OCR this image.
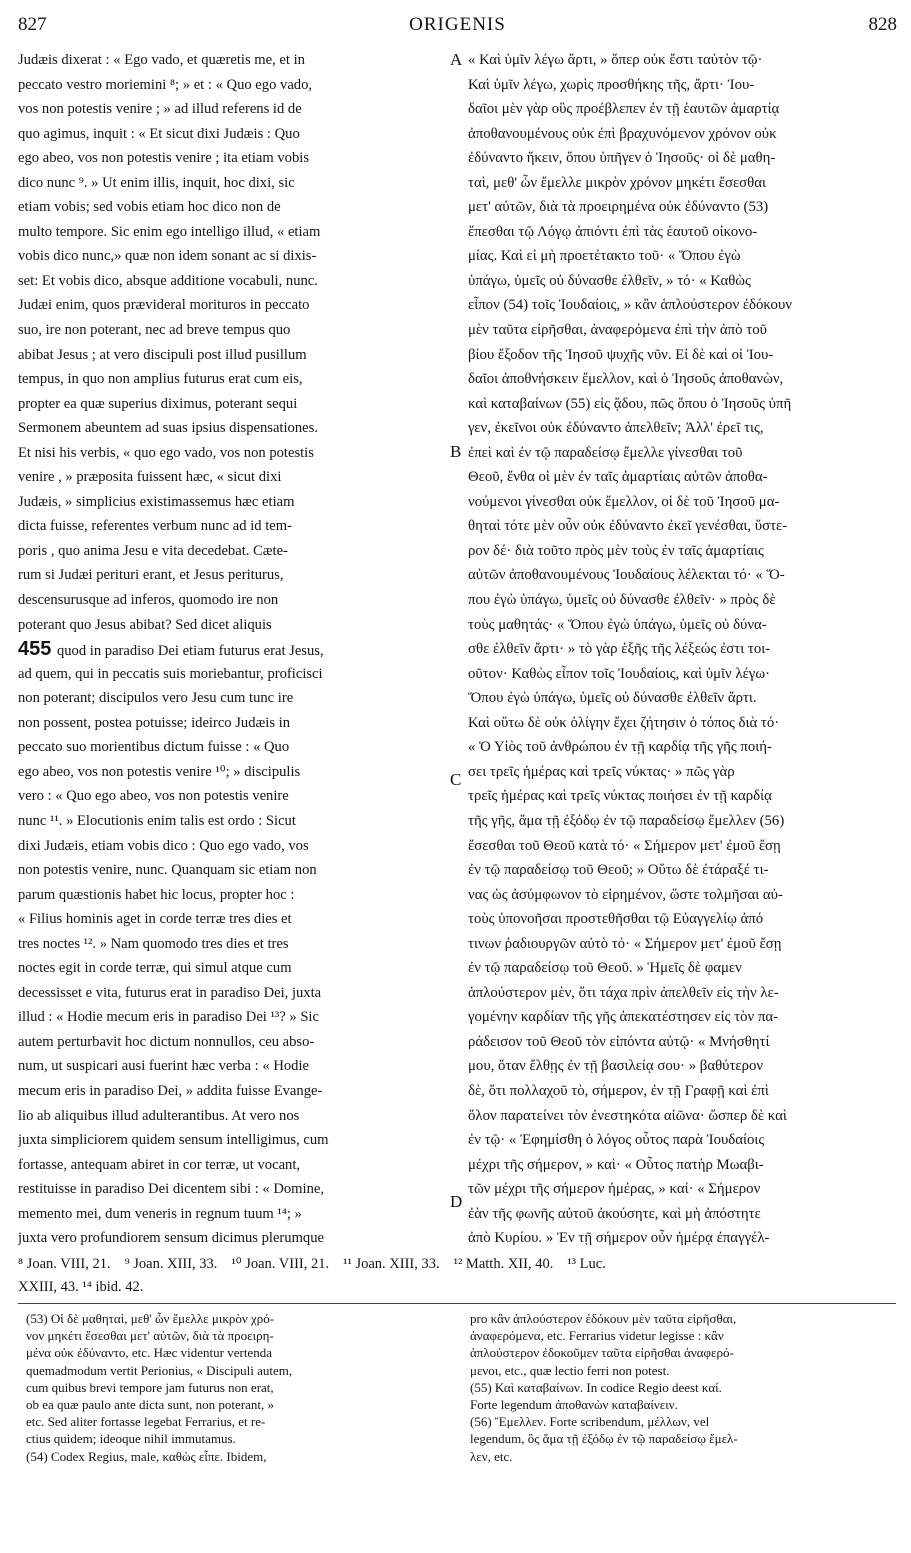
827	ORIGENIS	828
Judæis dixerat : « Ego vado, et quæretis me, et in
peccato vestro moriemini ⁸; » et : « Quo ego vado,
vos non potestis venire ; » ad illud referens id de
quo agimus, inquit : « Et sicut dixi Judæis : Quo
ego abeo, vos non potestis venire ; ita etiam vobis
dico nunc ⁹. » Ut enim illis, inquit, hoc dixi, sic
etiam vobis; sed vobis etiam hoc dico non de
multo tempore. Sic enim ego intelligo illud, « etiam
vobis dico nunc,» quæ non idem sonant ac si dixis-
set: Et vobis dico, absque additione vocabuli, nunc.
Judæi enim, quos prævideral morituros in peccato
suo, ire non poterant, nec ad breve tempus quo
abibat Jesus ; at vero discipuli post illud pusillum
tempus, in quo non amplius futurus erat cum eis,
propter ea quæ superius diximus, poterant sequi
Sermonem abeuntem ad suas ipsius dispensationes.
Et nisi his verbis, « quo ego vado, vos non potestis
venire , » præposita fuissent hæc, « sicut dixi
Judæis, » simplicius existimassemus hæc etiam
dicta fuisse, referentes verbum nunc ad id tem-
poris , quo anima Jesu e vita decedebat. Cæte-
rum si Judæi perituri erant, et Jesus periturus,
descensurusque ad inferos, quomodo ire non
poterant quo Jesus abibat? Sed dicet aliquis
455 quod in paradiso Dei etiam futurus erat Jesus,
ad quem, qui in peccatis suis moriebantur, proficisci
non poterant; discipulos vero Jesu cum tunc ire
non possent, postea potuisse; ideirco Judæis in
peccato suo morientibus dictum fuisse : « Quo
ego abeo, vos non potestis venire ¹⁰; » discipulis
vero : « Quo ego abeo, vos non potestis venire
nunc ¹¹. » Elocutionis enim talis est ordo : Sicut
dixi Judæis, etiam vobis dico : Quo ego vado, vos
non potestis venire, nunc. Quanquam sic etiam non
parum quæstionis habet hic locus, propter hoc :
« Filius hominis aget in corde terræ tres dies et
tres noctes ¹². » Nam quomodo tres dies et tres
noctes egit in corde terræ, qui simul atque cum
decessisset e vita, futurus erat in paradiso Dei, juxta
illud : « Hodie mecum eris in paradiso Dei ¹³? » Sic
autem perturbavit hoc dictum nonnullos, ceu abso-
num, ut suspicari ausi fuerint hæc verba : « Hodie
mecum eris in paradiso Dei, » addita fuisse Evange-
lio ab aliquibus illud adulterantibus. At vero nos
juxta simpliciorem quidem sensum intelligimus, cum
fortasse, antequam abiret in cor terræ, ut vocant,
restituisse in paradiso Dei dicentem sibi : « Domine,
memento mei, dum veneris in regnum tuum ¹⁴; »
juxta vero profundiorem sensum dicimus plerumque
« Καὶ ὑμῖν λέγω ἄρτι, » ὅπερ οὐκ ἔστι ταὐτὸν τῷ·
Καὶ ὑμῖν λέγω, χωρὶς προσθήκης τῆς, ἄρτι· Ἰου-
δαῖοι μὲν γὰρ οὓς προέβλεπεν ἐν τῇ ἑαυτῶν ἁμαρτίᾳ
ἀποθανουμένους οὐκ ἐπὶ βραχυνόμενον χρόνον οὐκ
ἐδύναντο ἥκειν, ὅπου ὑπῆγεν ὁ Ἰησοῦς· οἱ δὲ μαθη-
ταὶ, μεθ' ὧν ἔμελλε μικρὸν χρόνον μηκέτι ἔσεσθαι
μετ' αὐτῶν, διὰ τὰ προειρημένα οὐκ ἐδύναντο (53)
ἕπεσθαι τῷ Λόγῳ ἀπιόντι ἐπὶ τὰς ἑαυτοῦ οἰκονο-
μίας. Καὶ εἰ μὴ προετέτακτο τοῦ· « Ὅπου ἐγὼ
ὑπάγω, ὑμεῖς οὐ δύνασθε ἐλθεῖν, » τό· « Καθὼς
εἶπον (54) τοῖς Ἰουδαίοις, » κἂν ἁπλούστερον ἐδόκουν
μὲν ταῦτα εἰρῆσθαι, ἀναφερόμενα ἐπὶ τὴν ἀπὸ τοῦ
βίου ἔξοδον τῆς Ἰησοῦ ψυχῆς νῦν. Εἰ δὲ καὶ οἱ Ἰου-
δαῖοι ἀποθνήσκειν ἔμελλον, καὶ ὁ Ἰησοῦς ἀποθανὼν,
καὶ καταβαίνων (55) εἰς ᾅδου, πῶς ὅπου ὁ Ἰησοῦς ὑπῆ
γεν, ἐκεῖνοι οὐκ ἐδύναντο ἀπελθεῖν; Ἀλλ' ἐρεῖ τις,
ἐπεὶ καὶ ἐν τῷ παραδείσῳ ἔμελλε γίνεσθαι τοῦ
Θεοῦ, ἔνθα οἱ μὲν ἐν ταῖς ἁμαρτίαις αὐτῶν ἀποθα-
νούμενοι γίνεσθαι οὐκ ἔμελλον, οἱ δὲ τοῦ Ἰησοῦ μα-
θηταὶ τότε μὲν οὖν οὐκ ἐδύναντο ἐκεῖ γενέσθαι, ὕστε-
ρον δέ· διὰ τοῦτο πρὸς μὲν τοὺς ἐν ταῖς ἁμαρτίαις
αὐτῶν ἀποθανουμένους Ἰουδαίους λέλεκται τό· « Ὅ-
που ἐγὼ ὑπάγω, ὑμεῖς οὐ δύνασθε ἐλθεῖν· » πρὸς δὲ
τοὺς μαθητάς· « Ὅπου ἐγὼ ὑπάγω, ὑμεῖς οὐ δύνα-
σθε ἐλθεῖν ἄρτι· » τὸ γὰρ ἑξῆς τῆς λέξεώς ἐστι τοι-
οῦτον· Καθὼς εἶπον τοῖς Ἰουδαίοις, καὶ ὑμῖν λέγω·
Ὅπου ἐγὼ ὑπάγω, ὑμεῖς οὐ δύνασθε ἐλθεῖν ἄρτι.
Καὶ οὕτω δὲ οὐκ ὀλίγην ἔχει ζήτησιν ὁ τόπος διὰ τό·
« Ὁ Υἱὸς τοῦ ἀνθρώπου ἐν τῇ καρδίᾳ τῆς γῆς ποιή-
σει τρεῖς ἡμέρας καὶ τρεῖς νύκτας· » πῶς γὰρ
τρεῖς ἡμέρας καὶ τρεῖς νύκτας ποιήσει ἐν τῇ καρδίᾳ
τῆς γῆς, ἅμα τῇ ἐξόδῳ ἐν τῷ παραδείσῳ ἔμελλεν (56)
ἔσεσθαι τοῦ Θεοῦ κατὰ τό· « Σήμερον μετ' ἐμοῦ ἔσῃ
ἐν τῷ παραδείσῳ τοῦ Θεοῦ; » Οὕτω δὲ ἐτάραξέ τι-
νας ὡς ἀσύμφωνον τὸ εἰρημένον, ὥστε τολμῆσαι αὐ-
τοὺς ὑπονοῆσαι προστεθῆσθαι τῷ Εὐαγγελίῳ ἀπό
τινων ῥαδιουργῶν αὐτὸ τό· « Σήμερον μετ' ἐμοῦ ἔσῃ
ἐν τῷ παραδείσῳ τοῦ Θεοῦ. » Ἡμεῖς δὲ φαμεν
ἁπλούστερον μὲν, ὅτι τάχα πρὶν ἀπελθεῖν εἰς τὴν λε-
γομένην καρδίαν τῆς γῆς ἀπεκατέστησεν εἰς τὸν πα-
ράδεισον τοῦ Θεοῦ τὸν εἰπόντα αὐτῷ· « Μνήσθητί
μου, ὅταν ἔλθῃς ἐν τῇ βασιλείᾳ σου· » βαθύτερον
δὲ, ὅτι πολλαχοῦ τὸ, σήμερον, ἐν τῇ Γραφῇ καὶ ἐπὶ
ὅλον παρατείνει τὸν ἐνεστηκότα αἰῶνα· ὥσπερ δὲ καὶ
ἐν τῷ· « Ἐφημίσθη ὁ λόγος οὗτος παρὰ Ἰουδαίοις
μέχρι τῆς σήμερον, » καὶ· « Οὗτος πατὴρ Μωαβι-
τῶν μέχρι τῆς σήμερον ἡμέρας, » καί· « Σήμερον
ἐὰν τῆς φωνῆς αὐτοῦ ἀκούσητε, καὶ μὴ ἀπόστητε
ἀπὸ Κυρίου. » Ἐν τῇ σήμερον οὖν ἡμέρᾳ ἐπαγγέλ-
A
B
C
D
⁸ Joan. VIII, 21. ⁹ Joan. XIII, 33. ¹⁰ Joan. VIII, 21. ¹¹ Joan. XIII, 33. ¹² Matth. XII, 40. ¹³ Luc.
XXIII, 43. ¹⁴ ibid. 42.
(53) Οἱ δὲ μαθηταὶ, μεθ' ὧν ἔμελλε μικρὸν χρό-
νον μηκέτι ἔσεσθαι μετ' αὐτῶν, διὰ τὰ προειρη-
μένα οὐκ ἐδύναντο, etc. Hæc videntur vertenda
quemadmodum vertit Perionius, « Discipuli autem,
cum quibus brevi tempore jam futurus non erat,
ob ea quæ paulo ante dicta sunt, non poterant, »
etc. Sed aliter fortasse legebat Ferrarius, et re-
ctius quidem; ideoque nihil immutamus.
(54) Codex Regius, male, καθὼς εἶπε. Ibidem,
pro κἂν ἁπλούστερον ἐδόκουν μὲν ταῦτα εἰρῆσθαι,
ἀναφερόμενα, etc. Ferrarius videtur legisse : κἂν
ἁπλούστερον ἐδοκοῦμεν ταῦτα εἰρῆσθαι ἀναφερό-
μενοι, etc., quæ lectio ferri non potest.
(55) Καὶ καταβαίνων. In codice Regio deest καί.
Forte legendum ἀποθανὼν καταβαίνειν.
(56) Ἔμελλεν. Forte scribendum, μέλλων, vel
legendum, ὃς ἅμα τῇ ἐξόδῳ ἐν τῷ παραδείσῳ ἔμελ-
λεν, etc.
